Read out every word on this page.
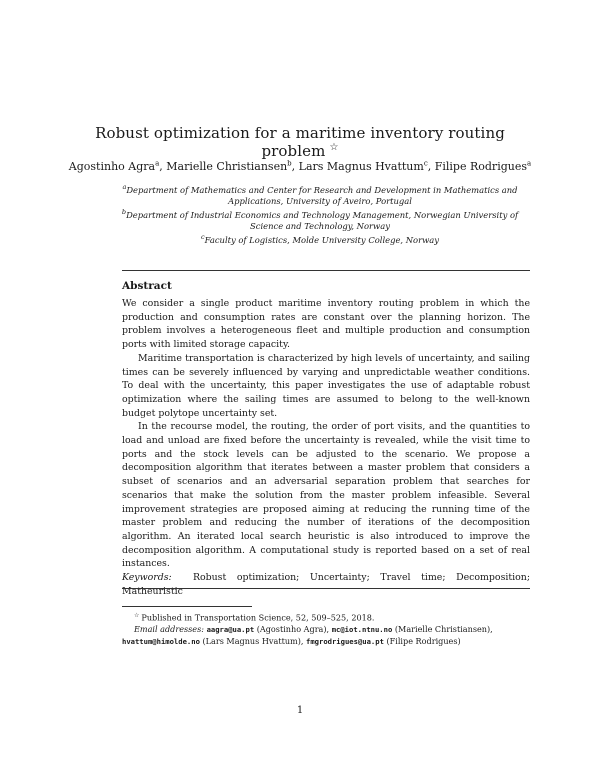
Robust optimization for a maritime inventory routing problem ☆
Agostinho Agra$^a$, Marielle Christiansen$^b$, Lars Magnus Hvattum$^c$, Filipe Rodrigues$^a$
$^a$Department of Mathematics and Center for Research and Development in Mathematics and Applications, University of Aveiro, Portugal
$^b$Department of Industrial Economics and Technology Management, Norwegian University of Science and Technology, Norway
$^c$Faculty of Logistics, Molde University College, Norway
Abstract

We consider a single product maritime inventory routing problem in which the production and consumption rates are constant over the planning horizon. The problem involves a heterogeneous fleet and multiple production and consumption ports with limited storage capacity.

Maritime transportation is characterized by high levels of uncertainty, and sailing times can be severely influenced by varying and unpredictable weather conditions. To deal with the uncertainty, this paper investigates the use of adaptable robust optimization where the sailing times are assumed to belong to the well-known budget polytope uncertainty set.

In the recourse model, the routing, the order of port visits, and the quantities to load and unload are fixed before the uncertainty is revealed, while the visit time to ports and the stock levels can be adjusted to the scenario. We propose a decomposition algorithm that iterates between a master problem that considers a subset of scenarios and an adversarial separation problem that searches for scenarios that make the solution from the master problem infeasible. Several improvement strategies are proposed aiming at reducing the running time of the master problem and reducing the number of iterations of the decomposition algorithm. An iterated local search heuristic is also introduced to improve the decomposition algorithm. A computational study is reported based on a set of real instances.

Keywords: Robust optimization; Uncertainty; Travel time; Decomposition; Matheuristic

☆ Published in Transportation Science, 52, 509–525, 2018.

Email addresses: aagra@ua.pt (Agostinho Agra), mc@iot.ntnu.no (Marielle Christiansen), hvattum@himolde.no (Lars Magnus Hvattum), fmgrodrigues@ua.pt (Filipe Rodrigues)

1
